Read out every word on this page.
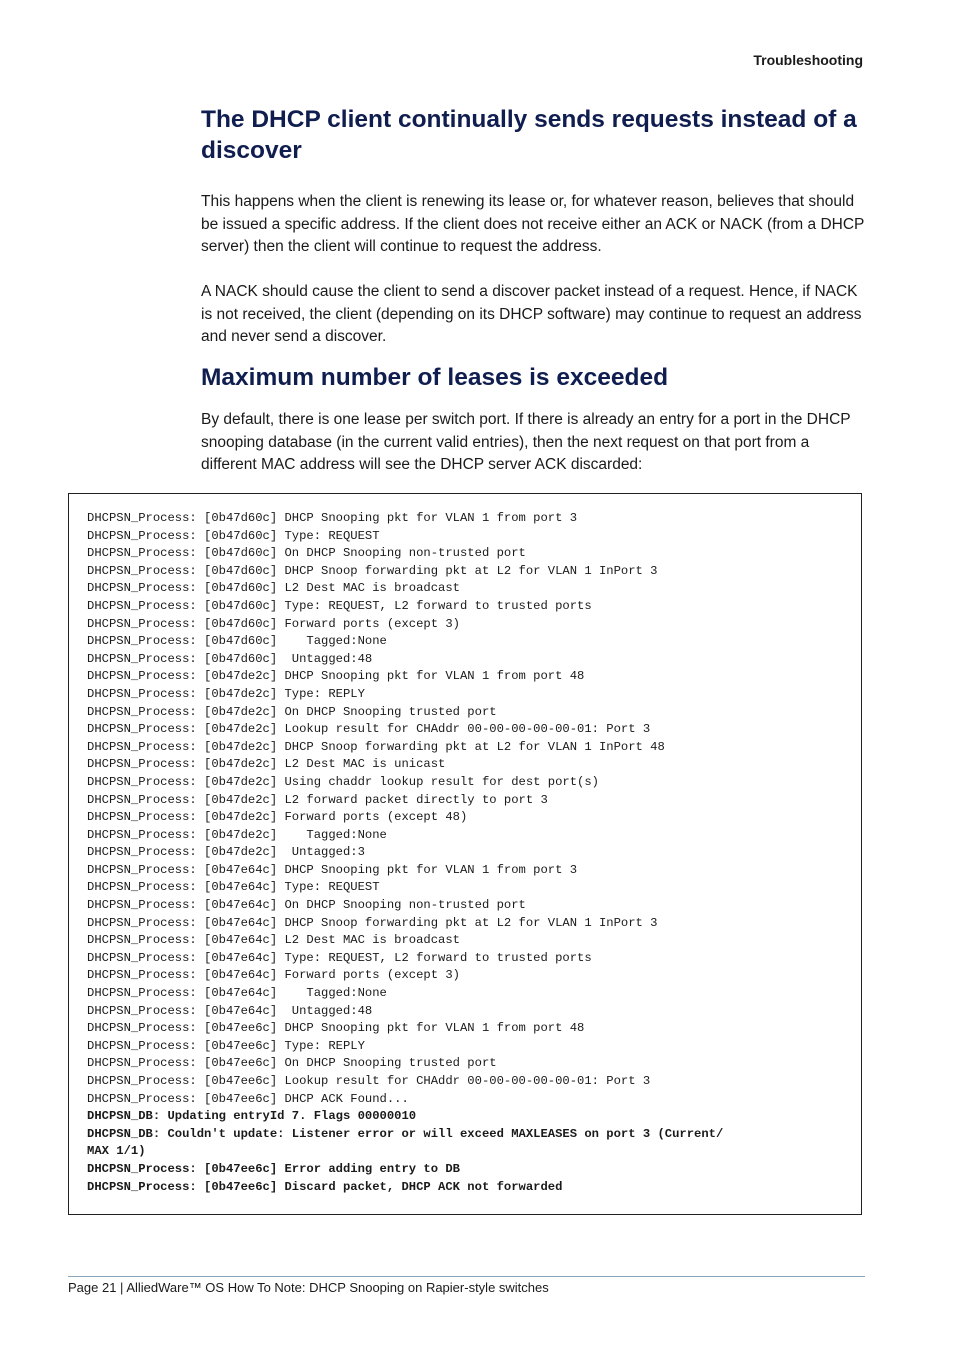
Troubleshooting
The DHCP client continually sends requests instead of a discover

This happens when the client is renewing its lease or, for whatever reason, believes that should be issued a specific address. If the client does not receive either an ACK or NACK (from a DHCP server) then the client will continue to request the address.

A NACK should cause the client to send a discover packet instead of a request. Hence, if NACK is not received, the client (depending on its DHCP software) may continue to request an address and never send a discover.

Maximum number of leases is exceeded

By default, there is one lease per switch port. If there is already an entry for a port in the DHCP snooping database (in the current valid entries), then the next request on that port from a different MAC address will see the DHCP server ACK discarded:

DHCPSN_Process: [0b47d60c] DHCP Snooping pkt for VLAN 1 from port 3
DHCPSN_Process: [0b47d60c] Type: REQUEST
DHCPSN_Process: [0b47d60c] On DHCP Snooping non-trusted port
DHCPSN_Process: [0b47d60c] DHCP Snoop forwarding pkt at L2 for VLAN 1 InPort 3
DHCPSN_Process: [0b47d60c] L2 Dest MAC is broadcast
DHCPSN_Process: [0b47d60c] Type: REQUEST, L2 forward to trusted ports
DHCPSN_Process: [0b47d60c] Forward ports (except 3)
DHCPSN_Process: [0b47d60c]    Tagged:None
DHCPSN_Process: [0b47d60c]  Untagged:48
DHCPSN_Process: [0b47de2c] DHCP Snooping pkt for VLAN 1 from port 48
DHCPSN_Process: [0b47de2c] Type: REPLY
DHCPSN_Process: [0b47de2c] On DHCP Snooping trusted port
DHCPSN_Process: [0b47de2c] Lookup result for CHAddr 00-00-00-00-00-01: Port 3
DHCPSN_Process: [0b47de2c] DHCP Snoop forwarding pkt at L2 for VLAN 1 InPort 48
DHCPSN_Process: [0b47de2c] L2 Dest MAC is unicast
DHCPSN_Process: [0b47de2c] Using chaddr lookup result for dest port(s)
DHCPSN_Process: [0b47de2c] L2 forward packet directly to port 3
DHCPSN_Process: [0b47de2c] Forward ports (except 48)
DHCPSN_Process: [0b47de2c]    Tagged:None
DHCPSN_Process: [0b47de2c]  Untagged:3
DHCPSN_Process: [0b47e64c] DHCP Snooping pkt for VLAN 1 from port 3
DHCPSN_Process: [0b47e64c] Type: REQUEST
DHCPSN_Process: [0b47e64c] On DHCP Snooping non-trusted port
DHCPSN_Process: [0b47e64c] DHCP Snoop forwarding pkt at L2 for VLAN 1 InPort 3
DHCPSN_Process: [0b47e64c] L2 Dest MAC is broadcast
DHCPSN_Process: [0b47e64c] Type: REQUEST, L2 forward to trusted ports
DHCPSN_Process: [0b47e64c] Forward ports (except 3)
DHCPSN_Process: [0b47e64c]    Tagged:None
DHCPSN_Process: [0b47e64c]  Untagged:48
DHCPSN_Process: [0b47ee6c] DHCP Snooping pkt for VLAN 1 from port 48
DHCPSN_Process: [0b47ee6c] Type: REPLY
DHCPSN_Process: [0b47ee6c] On DHCP Snooping trusted port
DHCPSN_Process: [0b47ee6c] Lookup result for CHAddr 00-00-00-00-00-01: Port 3
DHCPSN_Process: [0b47ee6c] DHCP ACK Found...
DHCPSN_DB: Updating entryId 7. Flags 00000010
DHCPSN_DB: Couldn't update: Listener error or will exceed MAXLEASES on port 3 (Current/
MAX 1/1)
DHCPSN_Process: [0b47ee6c] Error adding entry to DB
DHCPSN_Process: [0b47ee6c] Discard packet, DHCP ACK not forwarded
Page 21 | AlliedWare™ OS How To Note: DHCP Snooping on Rapier-style switches
